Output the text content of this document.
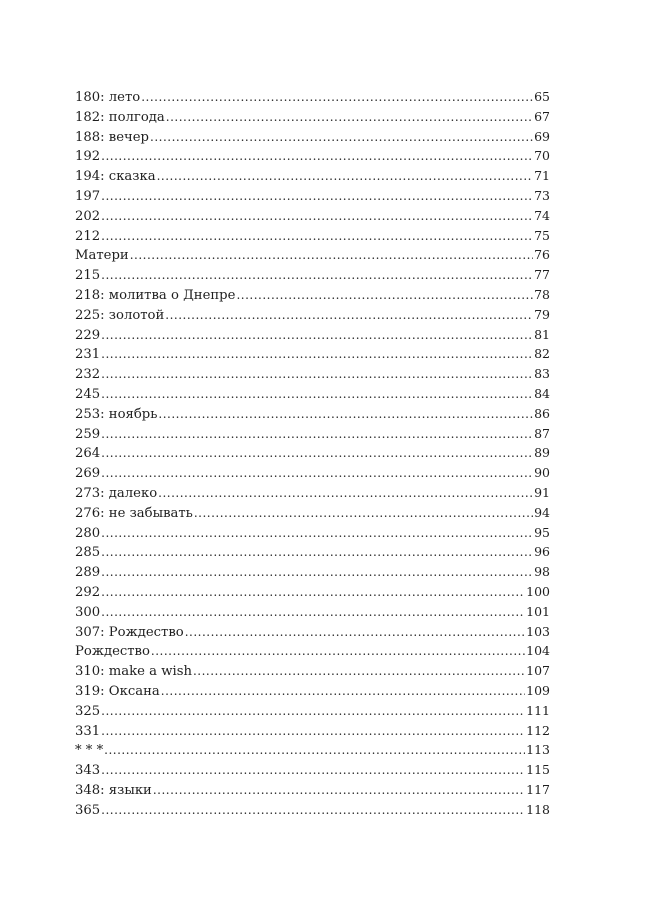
180: лето .....	65
182: полгода .....	67
188: вечер .....	69
192 .....	70
194: сказка .....	71
197 .....	73
202 .....	74
212 .....	75
Матери .....	76
215 .....	77
218: молитва о Днепре .....	78
225: золотой .....	79
229 .....	81
231 .....	82
232 .....	83
245 .....	84
253: ноябрь .....	86
259 .....	87
264 .....	89
269 .....	90
273: далеко .....	91
276: не забывать .....	94
280 .....	95
285 .....	96
289 .....	98
292 .....	100
300 .....	101
307: Рождество .....	103
Рождество .....	104
310: make a wish .....	107
319: Оксана .....	109
325 .....	111
331 .....	112
* * * .....	113
343 .....	115
348: языки .....	117
365 .....	118
